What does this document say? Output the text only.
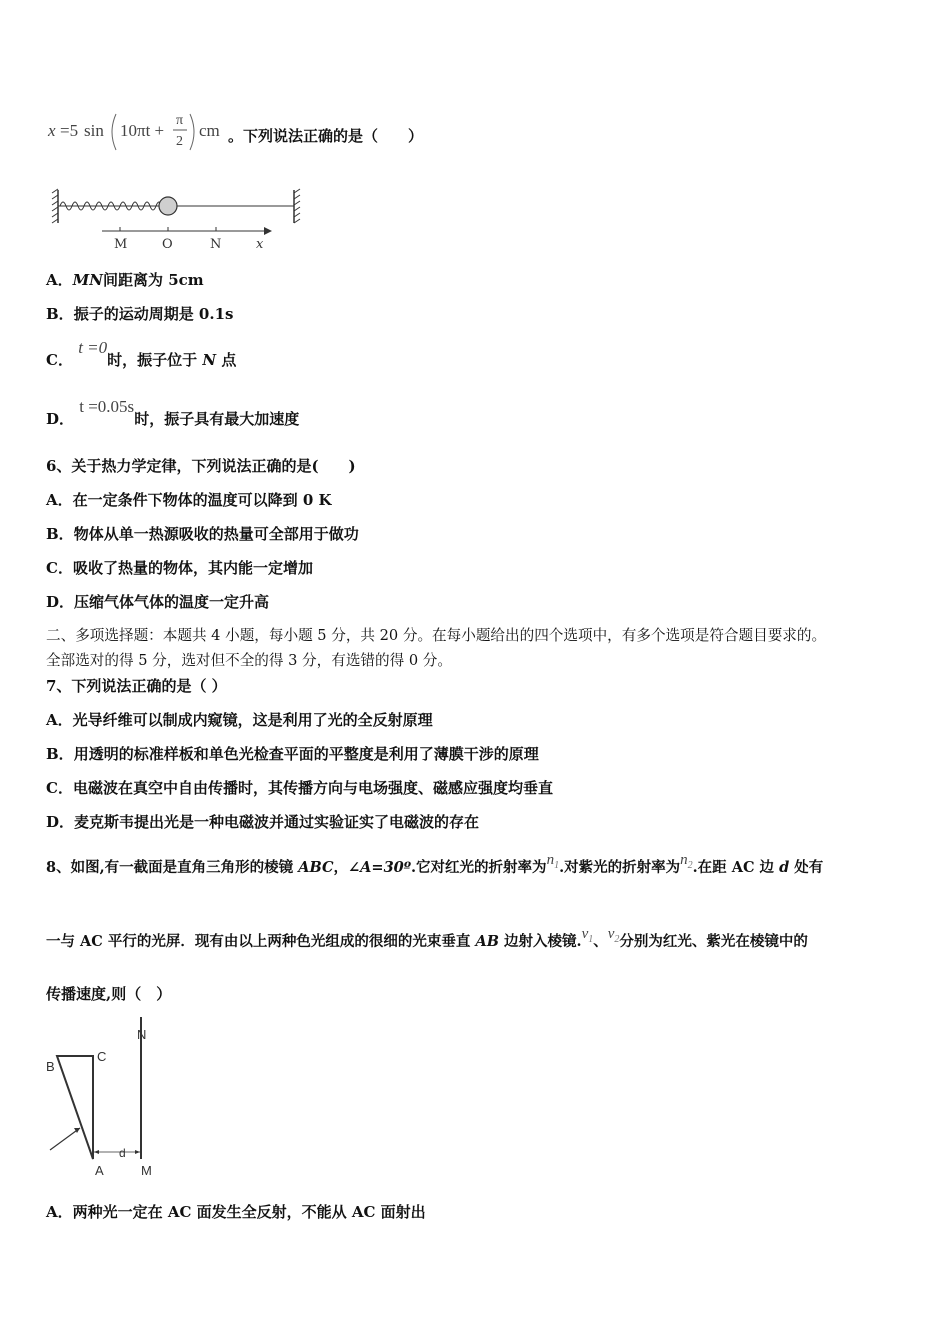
x =5 sin 10πt +
π
2
cm 。下列说法正确的是（　　）
M	O	N	x
A．MN间距离为 5cm
B．振子的运动周期是 0.1s
C． t =0时，振子位于 N 点
D． t =0.05s时，振子具有最大加速度
6、关于热力学定律，下列说法正确的是(　　)
A．在一定条件下物体的温度可以降到 0 K
B．物体从单一热源吸收的热量可全部用于做功
C．吸收了热量的物体，其内能一定增加
D．压缩气体气体的温度一定升高
二、多项选择题：本题共 4 小题，每小题 5 分，共 20 分。在每小题给出的四个选项中，有多个选项是符合题目要求的。
全部选对的得 5 分，选对但不全的得 3 分，有选错的得 0 分。
7、下列说法正确的是（ ）
A．光导纤维可以制成内窥镜，这是利用了光的全反射原理
B．用透明的标准样板和单色光检查平面的平整度是利用了薄膜干涉的原理
C．电磁波在真空中自由传播时，其传播方向与电场强度、磁感应强度均垂直
D．麦克斯韦提出光是一种电磁波并通过实验证实了电磁波的存在
8、如图,有一截面是直角三角形的棱镜 ABC，∠A=30º.它对红光的折射率为$n_1$.对紫光的折射率为$n_2$.在距 AC 边 d 处有
一与 AC 平行的光屏．现有由以上两种色光组成的很细的光束垂直 AB 边射入棱镜$.v_1$、$v_2$分别为红光、紫光在棱镜中的
传播速度,则（　）
B
C
N
A
d
M
A．两种光一定在 AC 面发生全反射，不能从 AC 面射出
